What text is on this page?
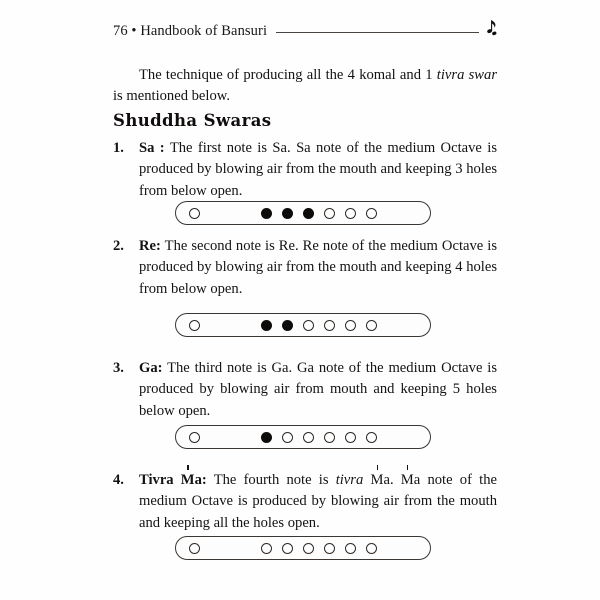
76 • Handbook of Bansuri

The technique of producing all the 4 komal and 1 tivra swar is mentioned below.

Shuddha Swaras
1.	Sa : The first note is Sa. Sa note of the medium Octave is produced by blowing air from the mouth and keeping 3 holes from below open.
2.	Re: The second note is Re. Re note of the medium Octave is produced by blowing air from the mouth and keeping 4 holes from below open.
3.	Ga: The third note is Ga. Ga note of the medium Octave is produced by blowing air from mouth and keeping 5 holes below open.
4.	Tivra Ma: The fourth note is tivra Ma. Ma note of the medium Octave is produced by blowing air from the mouth and keeping all the holes open.
